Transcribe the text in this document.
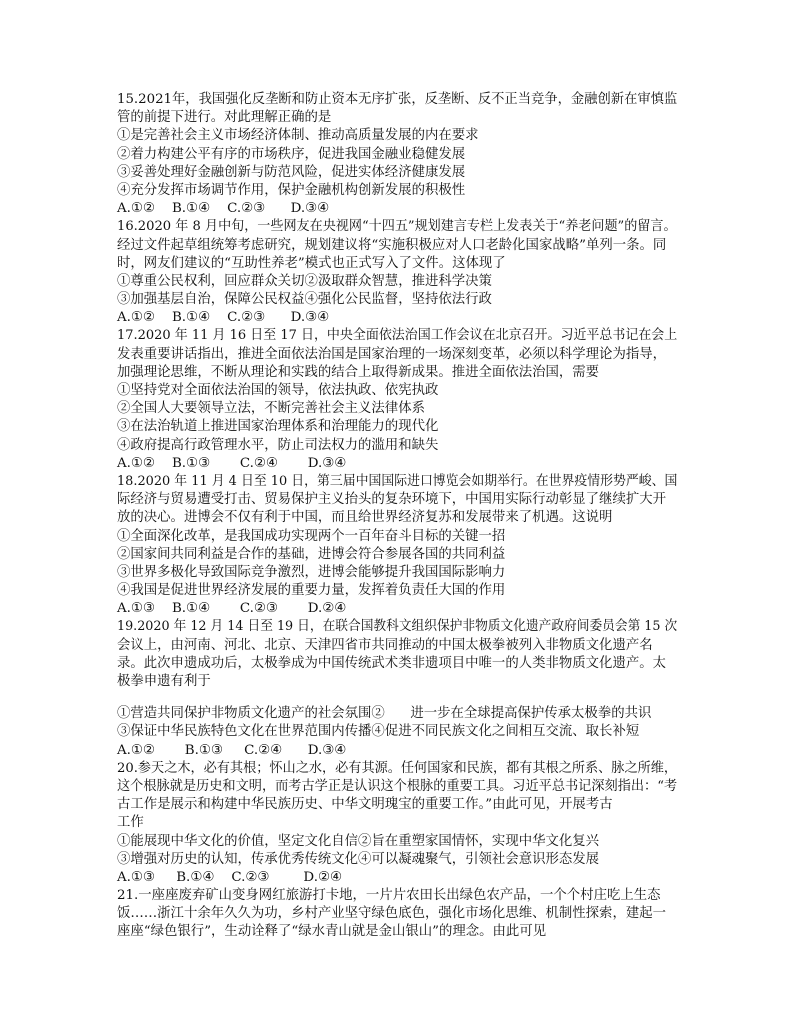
15.2021年，我国强化反垄断和防止资本无序扩张，反垄断、反不正当竞争，金融创新在审慎监
管的前提下进行。对此理解正确的是
①是完善社会主义市场经济体制、推动高质量发展的内在要求
②着力构建公平有序的市场秩序，促进我国金融业稳健发展
③妥善处理好金融创新与防范风险，促进实体经济健康发展
④充分发挥市场调节作用，保护金融机构创新发展的积极性
A.①②    B.①④    C.②③      D.③④
16.2020 年 8 月中旬，一些网友在央视网“十四五”规划建言专栏上发表关于“养老问题”的留言。
经过文件起草组统筹考虑研究，规划建议将“实施积极应对人口老龄化国家战略”单列一条。同
时，网友们建议的“互助性养老”模式也正式写入了文件。这体现了
①尊重公民权利，回应群众关切②汲取群众智慧，推进科学决策
③加强基层自治，保障公民权益④强化公民监督，坚持依法行政
A.①②    B.①④    C.②③      D.③④
17.2020 年 11 月 16 日至 17 日，中央全面依法治国工作会议在北京召开。习近平总书记在会上
发表重要讲话指出，推进全面依法治国是国家治理的一场深刻变革，必须以科学理论为指导，
加强理论思维，不断从理论和实践的结合上取得新成果。推进全面依法治国，需要
①坚持党对全面依法治国的领导，依法执政、依宪执政
②全国人大要领导立法，不断完善社会主义法律体系
③在法治轨道上推进国家治理体系和治理能力的现代化
④政府提高行政管理水平，防止司法权力的滥用和缺失
A.①②    B.①③       C.②④       D.③④
18.2020 年 11 月 4 日至 10 日，第三届中国国际进口博览会如期举行。在世界疫情形势严峻、国
际经济与贸易遭受打击、贸易保护主义抬头的复杂环境下，中国用实际行动彰显了继续扩大开
放的决心。进博会不仅有利于中国，而且给世界经济复苏和发展带来了机遇。这说明
①全面深化改革，是我国成功实现两个一百年奋斗目标的关键一招
②国家间共同利益是合作的基础，进博会符合参展各国的共同利益
③世界多极化导致国际竞争激烈，进博会能够提升我国国际影响力
④我国是促进世界经济发展的重要力量，发挥着负责任大国的作用
A.①③    B.①④       C.②③       D.②④
19.2020 年 12 月 14 日至 19 日，在联合国教科文组织保护非物质文化遗产政府间委员会第 15 次
会议上，由河南、河北、北京、天津四省市共同推动的中国太极拳被列入非物质文化遗产名
录。此次申遗成功后，太极拳成为中国传统武术类非遗项目中唯一的人类非物质文化遗产。太
极拳申遗有利于
①营造共同保护非物质文化遗产的社会氛围②      进一步在全球提高保护传承太极拳的共识
③保证中华民族特色文化在世界范围内传播④促进不同民族文化之间相互交流、取长补短
A.①②       B.①③     C.②④      D.③④
20.参天之木，必有其根；怀山之水，必有其源。任何国家和民族，都有其根之所系、脉之所维，
这个根脉就是历史和文明，而考古学正是认识这个根脉的重要工具。习近平总书记深刻指出：“考
古工作是展示和构建中华民族历史、中华文明瑰宝的重要工作。”由此可见，开展考古
工作
①能展现中华文化的价值，坚定文化自信②旨在重塑家国情怀，实现中华文化复兴
③增强对历史的认知，传承优秀传统文化④可以凝魂聚气，引领社会意识形态发展
A.①③     B.①④    C.②③        D.②④
21.一座座废弃矿山变身网红旅游打卡地，一片片农田长出绿色农产品，一个个村庄吃上生态
饭……浙江十余年久久为功，乡村产业坚守绿色底色，强化市场化思维、机制性探索，建起一
座座“绿色银行”，生动诠释了“绿水青山就是金山银山”的理念。由此可见
